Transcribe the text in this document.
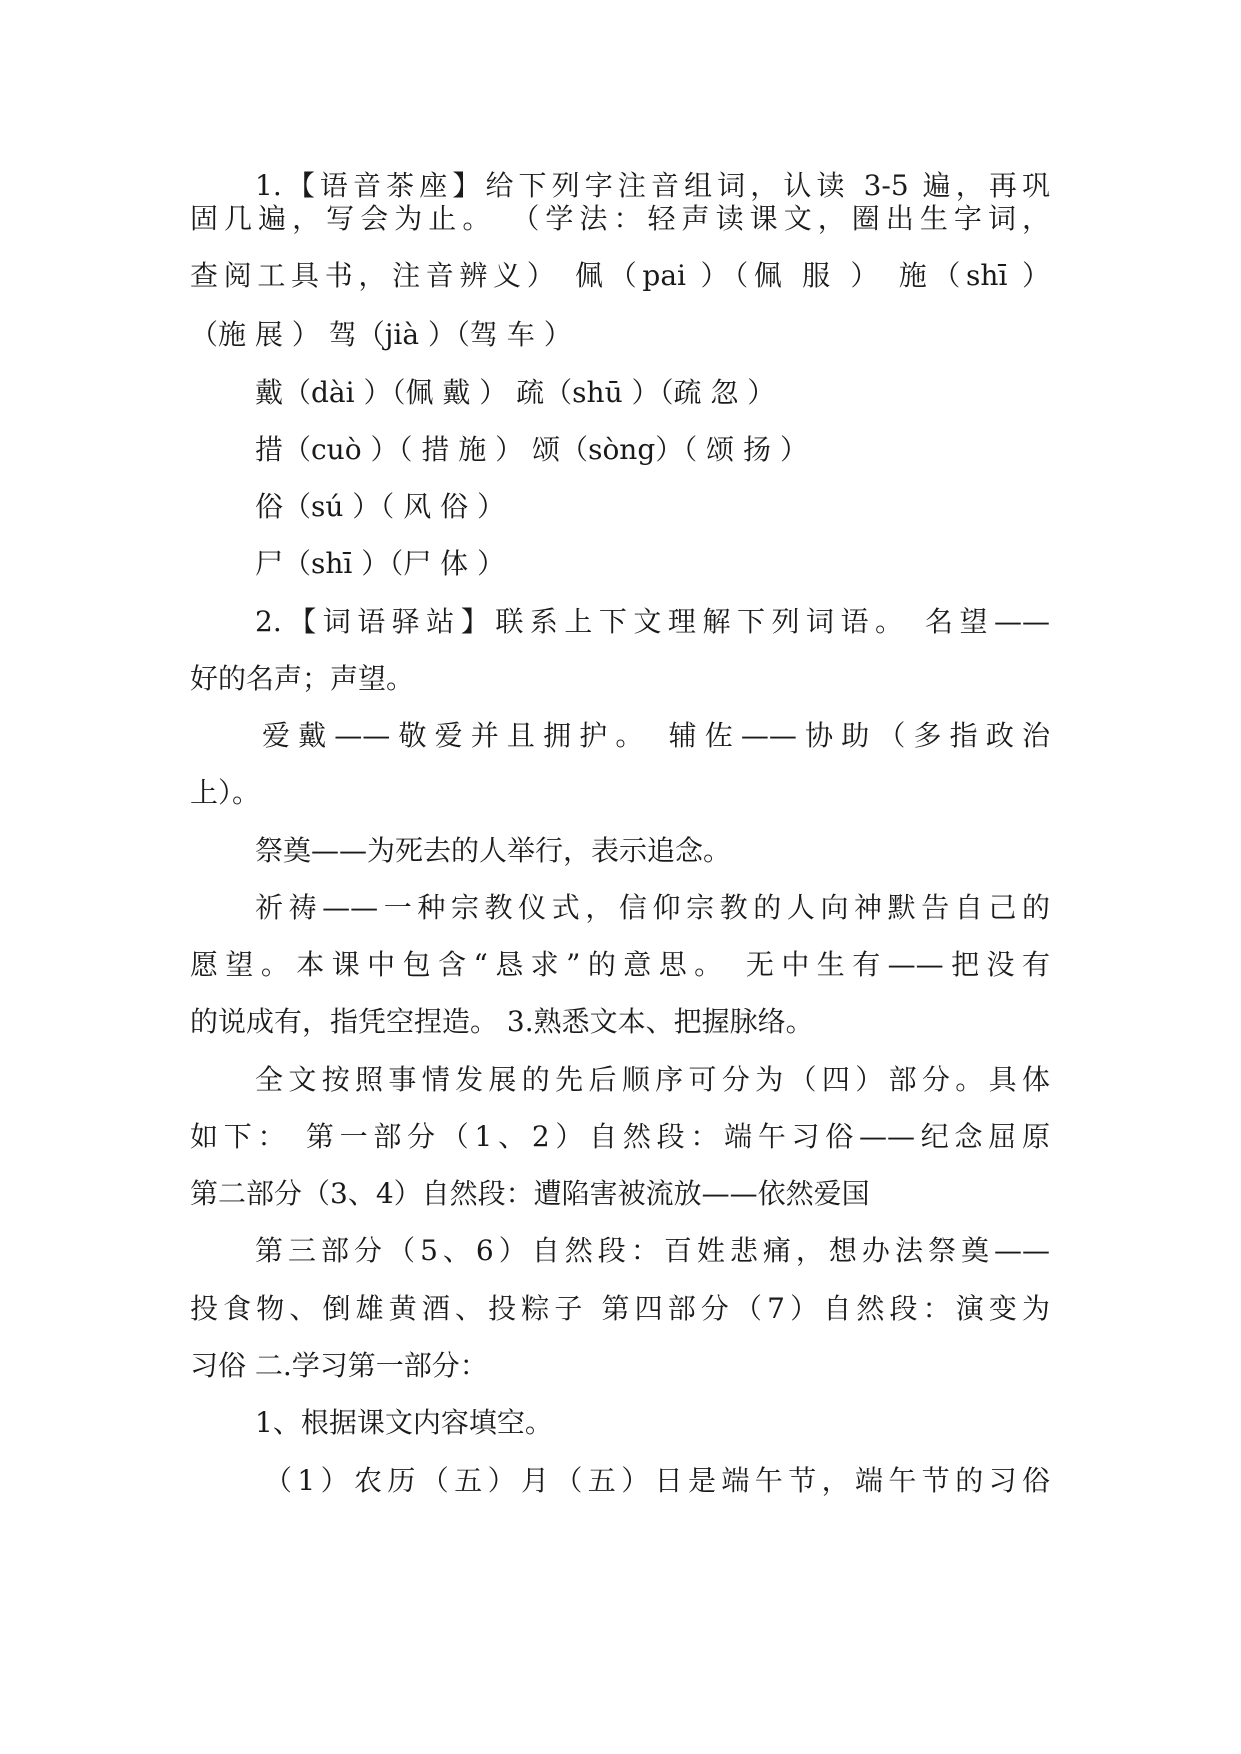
1.【语音茶座】给下列字注音组词，认读 3-5 遍，再巩
固几遍，写会为止。 （学法：轻声读课文，圈出生字词，
查阅工具书，注音辨义） 佩（pai ）（佩 服 ） 施（shī ）
（施 展 ） 驾（jià ）（驾 车 ）
戴（dài ）（佩 戴 ） 疏（shū ）（疏 忽 ）
措（cuò ）（ 措 施 ） 颂（sòng）（ 颂 扬 ）
俗（sú ）（ 风 俗 ）
尸（shī ）（尸 体 ）
2.【词语驿站】联系上下文理解下列词语。 名望——
好的名声；声望。
爱戴——敬爱并且拥护。 辅佐——协助（多指政治
上）。
祭奠——为死去的人举行，表示追念。
祈祷——一种宗教仪式，信仰宗教的人向神默告自己的
愿望。本课中包含“恳求”的意思。 无中生有——把没有
的说成有，指凭空捏造。 3.熟悉文本、把握脉络。
全文按照事情发展的先后顺序可分为（四）部分。具体
如下： 第一部分（1、2）自然段：端午习俗——纪念屈原
第二部分（3、4）自然段：遭陷害被流放——依然爱国
第三部分（5、6）自然段：百姓悲痛，想办法祭奠——
投食物、倒雄黄酒、投粽子 第四部分（7）自然段：演变为
习俗 二.学习第一部分：
1、根据课文内容填空。
（1）农历（五）月（五）日是端午节，端午节的习俗
